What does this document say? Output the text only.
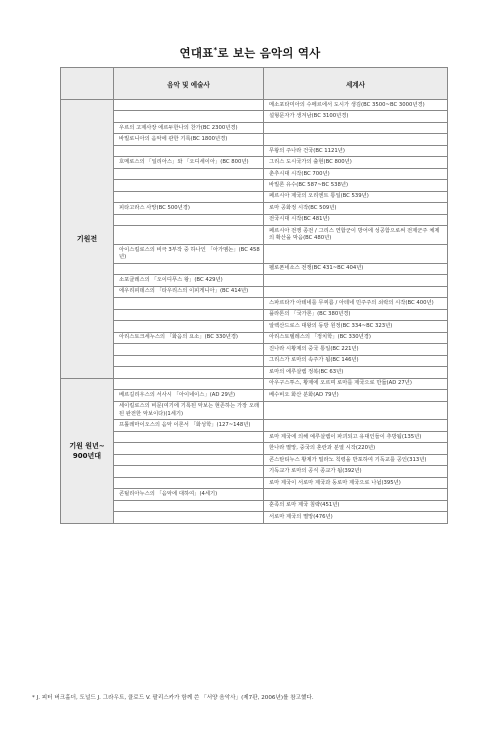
연대표*로 보는 음악의 역사
	음악 및 예술사	세계사
기원전		메소포타미아의 수메르에서 도시가 생김(BC 3500~BC 3000년경)
		설형문자가 생겨남(BC 3100년경)
	우르의 고제사장 에르두한나의 찬가(BC 2300년경)	
	바빌로니아의 음악에 관한 기록(BC 1800년경)	
		무왕의 주나라 건국(BC 1121년)
	호메로스의 「일리아스」와 「오디세이아」(BC 800년)	그리스 도시국가의 출현(BC 800년)
		춘추시대 시작(BC 700년)
		바빌론 유수(BC 587~BC 538년)
		페르시아 제국의 오리엔트 통일(BC 539년)
	피타고라스 사망(BC 500년경)	로마 공화정 시작(BC 509년)
		전국시대 시작(BC 481년)
		페르시아 전쟁 종전 / 그리스 연합군이 방어에 성공함으로써 전제군주 체제의 확산을 막음(BC 480년)
	아이스킬로스의 비극 3부작 중 하나인 「아가멤논」(BC 458년)	
		펠로폰네소스 전쟁(BC 431~BC 404년)
	소포클레스의 「오이디푸스 왕」(BC 429년)	
	에우리피데스의 「타우리스의 이피게니아」(BC 414년)	
		스파르타가 아테네를 무찌름 / 아테네 민주주의 쇠락의 시작(BC 400년)
		플라톤의 「국가론」(BC 380년경)
		알렉산드로스 대왕의 동방 원정(BC 334~BC 323년)
	아리스토크세누스의 「화음의 요소」(BC 330년경)	아리스토텔레스의 「정치학」(BC 330년경)
		진나라 시황제의 중국 통일(BC 221년)
		그리스가 로마의 속주가 됨(BC 146년)
		로마의 에루살렘 정복(BC 63년)

기원 원년~
900년대		아우구스투스, 황제에 오르며 로마를 제국으로 만듦(AD 27년)
	베르길리우스의 서사시 「아이네이스」(AD 29년)	베수비오 화산 분화(AD 79년)
	세이킬로스의 비문(여기에 기록된 악보는 현존하는 가장 오래된 완전한 악보이다)(1세기)	
	프톨레마이오스의 음악 이론서 「화성학」(127~148년)	
		로마 제국에 의해 예루살렘이 파괴되고 유대인들이 추방됨(135년)
		한나라 멸망, 중국의 혼란과 분열 시작(220년)
		콘스탄티누스 황제가 밀라노 칙령을 반포하여 기독교를 공인(313년)
		기독교가 로마의 공식 종교가 됨(392년)
		로마 제국이 서로마 제국과 동로마 제국으로 나뉨(395년)
	콘틸리아누스의 「음악에 대하여」(4세기)	
		훈족의 로마 제국 침략(451년)
		서로마 제국의 멸망(476년)
* J. 피터 버크홀더, 도널드 J. 그라우트, 클로드 V. 팔리스카가 함께 쓴 「서양 음악사」(제7판, 2006년)를 참고했다.
